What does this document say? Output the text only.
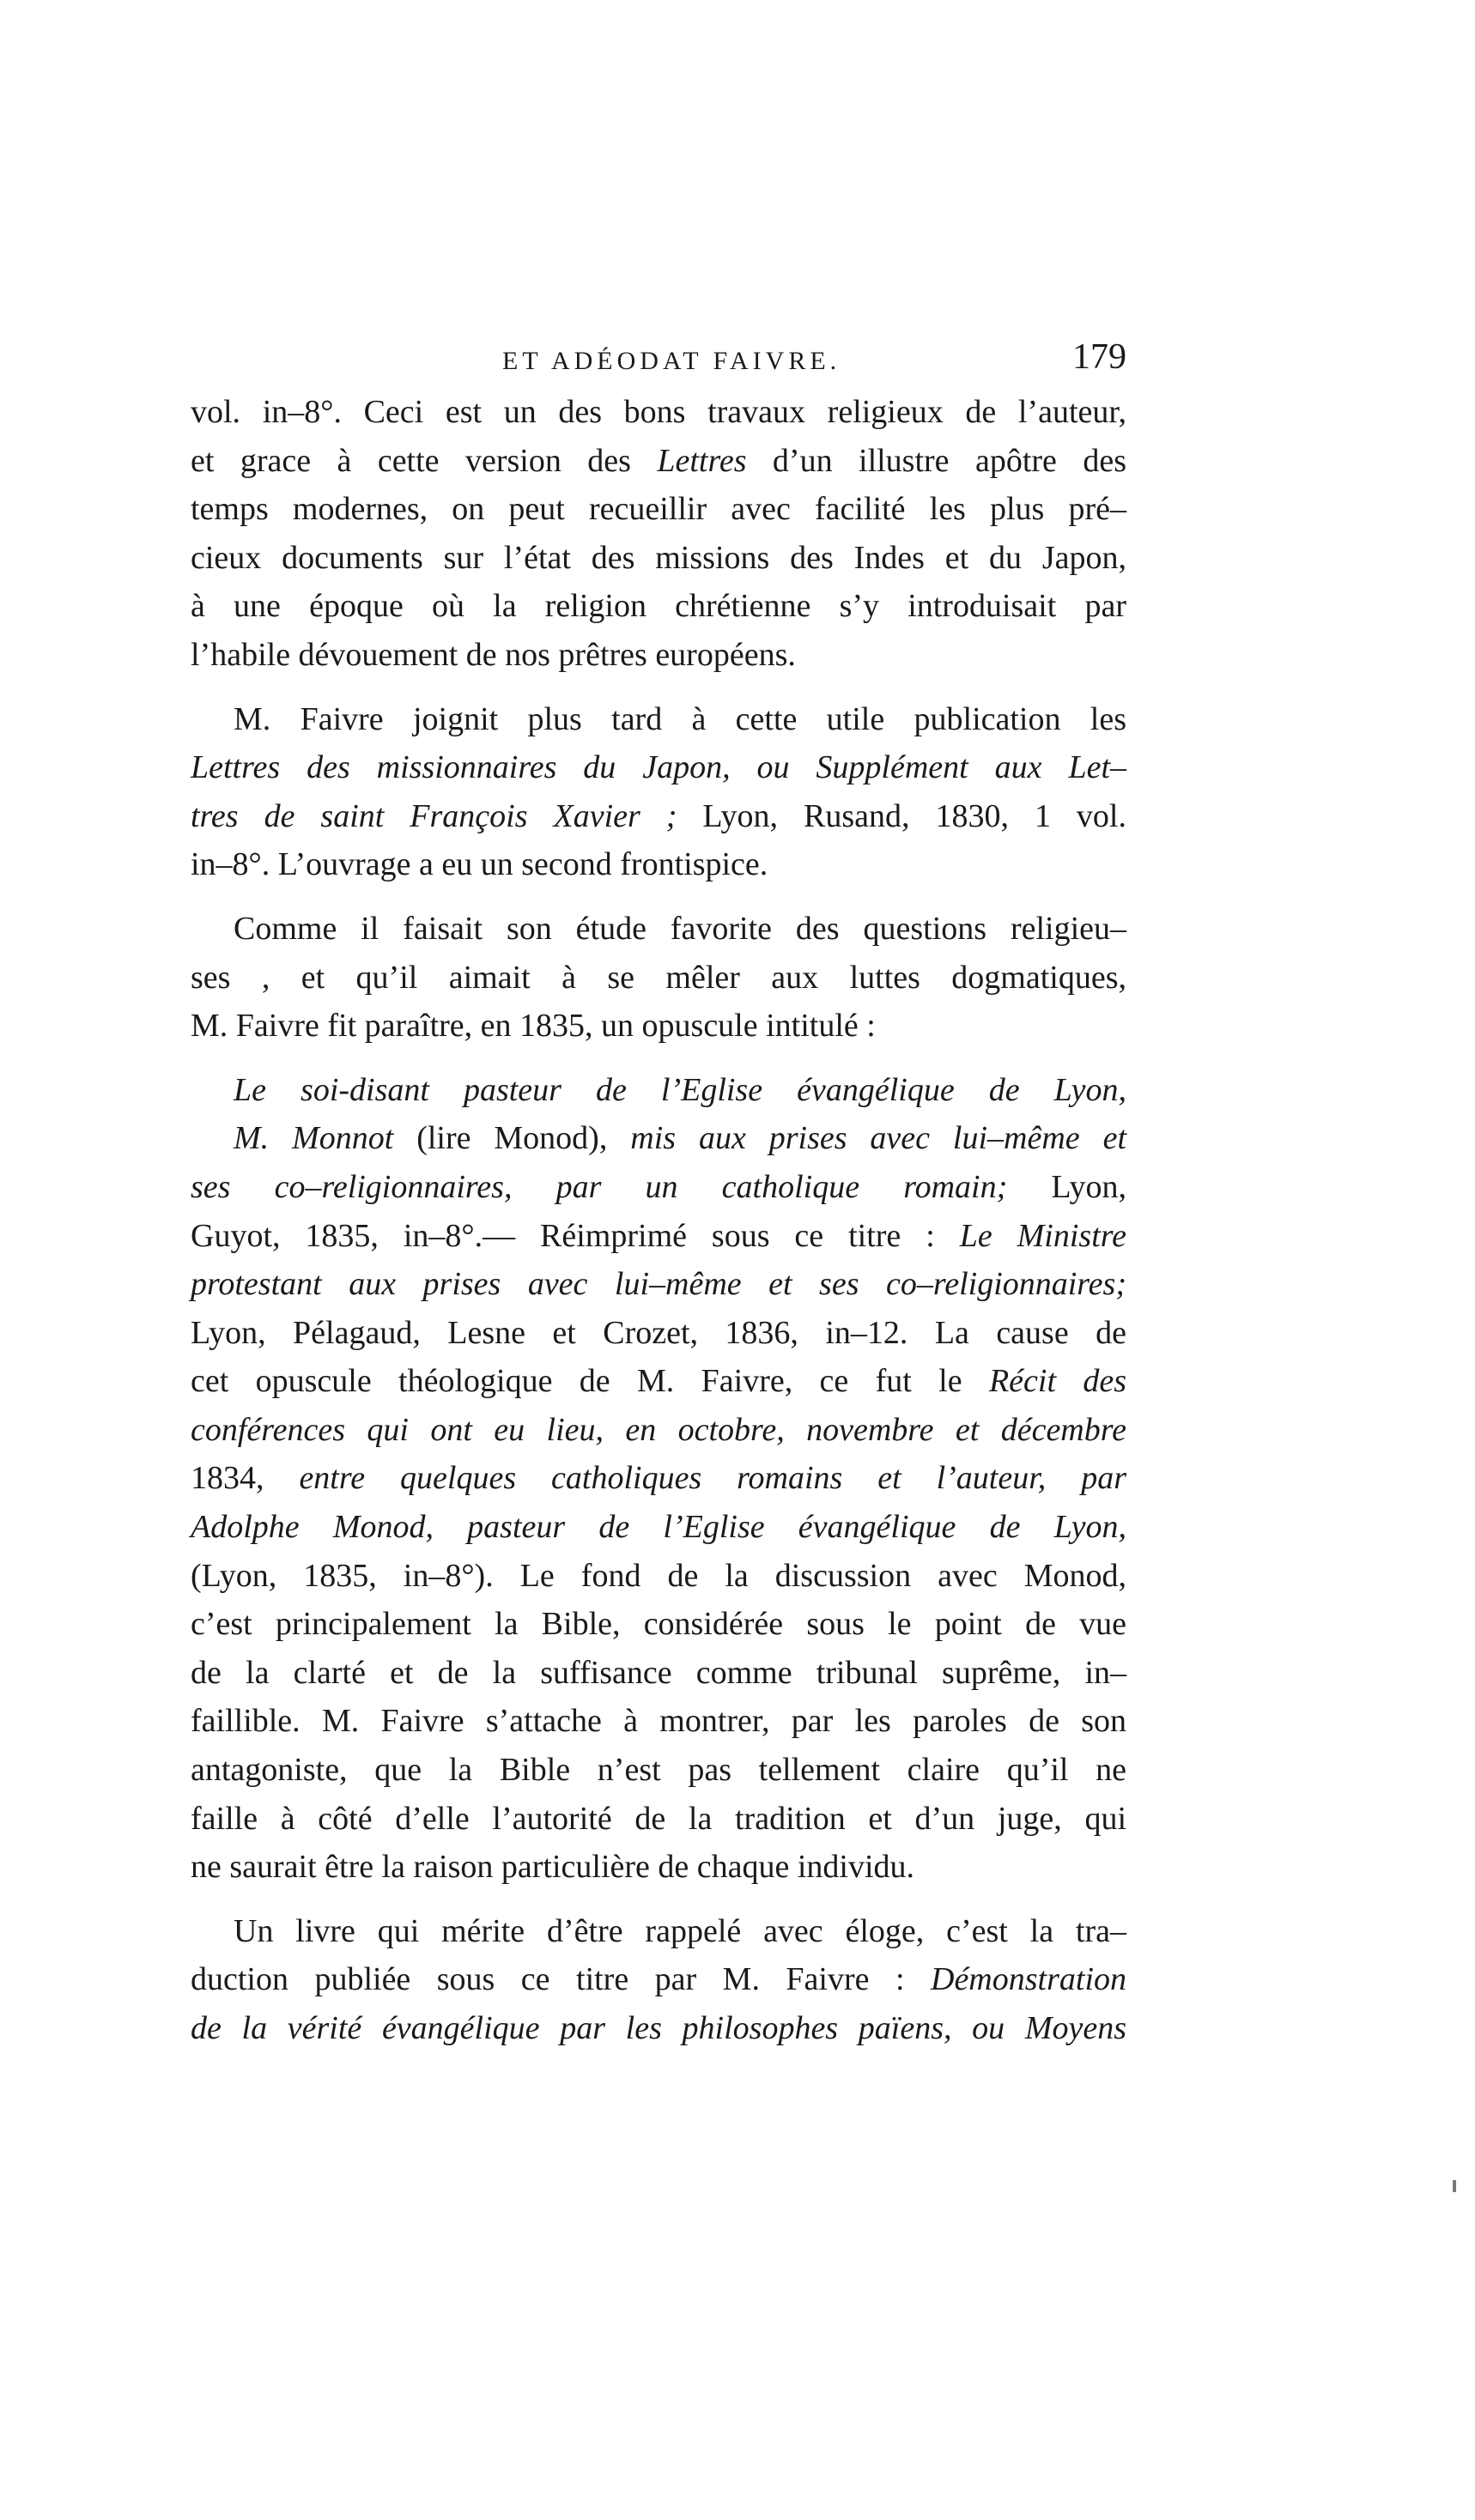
ET ADÉODAT FAIVRE.	179
vol. in–8°. Ceci est un des bons travaux religieux de l’auteur,
et grace à cette version des Lettres d’un illustre apôtre des
temps modernes, on peut recueillir avec facilité les plus pré–
cieux documents sur l’état des missions des Indes et du Japon,
à une époque où la religion chrétienne s’y introduisait par
l’habile dévouement de nos prêtres européens.
M. Faivre joignit plus tard à cette utile publication les
Lettres des missionnaires du Japon, ou Supplément aux Let–
tres de saint François Xavier ; Lyon, Rusand, 1830, 1 vol.
in–8°. L’ouvrage a eu un second frontispice.
Comme il faisait son étude favorite des questions religieu–
ses , et qu’il aimait à se mêler aux luttes dogmatiques,
M. Faivre fit paraître, en 1835, un opuscule intitulé :
Le soi-disant pasteur de l’Eglise évangélique de Lyon,
M. Monnot (lire Monod), mis aux prises avec lui–même et
ses co–religionnaires, par un catholique romain; Lyon,
Guyot, 1835, in–8°.— Réimprimé sous ce titre : Le Ministre
protestant aux prises avec lui–même et ses co–religionnaires;
Lyon, Pélagaud, Lesne et Crozet, 1836, in–12. La cause de
cet opuscule théologique de M. Faivre, ce fut le Récit des
conférences qui ont eu lieu, en octobre, novembre et décembre
1834, entre quelques catholiques romains et l’auteur, par
Adolphe Monod, pasteur de l’Eglise évangélique de Lyon,
(Lyon, 1835, in–8°). Le fond de la discussion avec Monod,
c’est principalement la Bible, considérée sous le point de vue
de la clarté et de la suffisance comme tribunal suprême, in–
faillible. M. Faivre s’attache à montrer, par les paroles de son
antagoniste, que la Bible n’est pas tellement claire qu’il ne
faille à côté d’elle l’autorité de la tradition et d’un juge, qui
ne saurait être la raison particulière de chaque individu.
Un livre qui mérite d’être rappelé avec éloge, c’est la tra–
duction publiée sous ce titre par M. Faivre : Démonstration
de la vérité évangélique par les philosophes païens, ou Moyens
